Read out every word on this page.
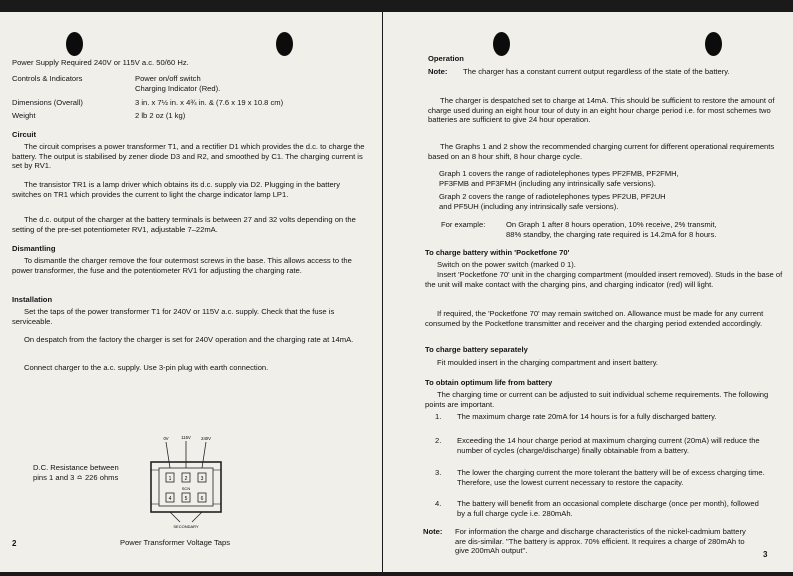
Power Supply Required 240V or 115V a.c. 50/60 Hz.
Controls & Indicators	Power on/off switch
Charging Indicator (Red).
Dimensions (Overall)	3 in. x 7½ in. x 4¾ in. & (7.6 x 19 x 10.8 cm)
Weight	2 lb 2 oz (1 kg)
Circuit
The circuit comprises a power transformer T1, and a rectifier D1 which provides the d.c. to charge the battery. The output is stabilised by zener diode D3 and R2, and smoothed by C1. The charging current is set by RV1.
The transistor TR1 is a lamp driver which obtains its d.c. supply via D2. Plugging in the battery switches on TR1 which provides the current to light the charge indicator lamp LP1.
The d.c. output of the charger at the battery terminals is between 27 and 32 volts depending on the setting of the pre-set potentiometer RV1, adjustable 7–22mA.
Dismantling
To dismantle the charger remove the four outermost screws in the base. This allows access to the power transformer, the fuse and the potentiometer RV1 for adjusting the charging rate.
Installation
Set the taps of the power transformer T1 for 240V or 115V a.c. supply. Check that the fuse is serviceable.
On despatch from the factory the charger is set for 240V operation and the charging rate at 14mA.
Connect charger to the a.c. supply. Use 3-pin plug with earth connection.
D.C. Resistance between
pins 1 and 3 ≏ 226 ohms
0V	115V 240V
1	2	3
SCN
4	5	6
SECONDARY
Power Transformer Voltage Taps
2
Operation
Note: The charger has a constant current output regardless of the state of the battery.
The charger is despatched set to charge at 14mA. This should be sufficient to restore the amount of charge used during an eight hour tour of duty in an eight hour charge period i.e. for most schemes two batteries are sufficient to give 24 hour operation.
The Graphs 1 and 2 show the recommended charging current for different operational requirements based on an 8 hour shift, 8 hour charge cycle.
Graph 1 covers the range of radiotelephones types PF2FMB, PF2FMH,
PF3FMB and PF3FMH (including any intrinsically safe versions).
Graph 2 covers the range of radiotelephones types PF2UB, PF2UH
and PF5UH (including any intrinsically safe versions).
For example:	On Graph 1 after 8 hours operation, 10% receive, 2% transmit,
88% standby, the charging rate required is 14.2mA for 8 hours.
To charge battery within 'Pocketfone 70'
Switch on the power switch (marked 0 1).
Insert 'Pocketfone 70' unit in the charging compartment (moulded insert removed). Studs in the base of the unit will make contact with the charging pins, and charging indicator (red) will light.
If required, the 'Pocketfone 70' may remain switched on. Allowance must be made for any current consumed by the Pocketfone transmitter and receiver and the charging period extended accordingly.
To charge battery separately
Fit moulded insert in the charging compartment and insert battery.
To obtain optimum life from battery
The charging time or current can be adjusted to suit individual scheme requirements. The following points are important.
1. The maximum charge rate 20mA for 14 hours is for a fully discharged battery.
2. Exceeding the 14 hour charge period at maximum charging current (20mA) will reduce the number of cycles (charge/discharge) finally obtainable from a battery.
3. The lower the charging current the more tolerant the battery will be of excess charging time. Therefore, use the lowest current necessary to restore the capacity.
4. The battery will benefit from an occasional complete discharge (once per month), followed by a full charge cycle i.e. 280mAh.
Note: For information the charge and discharge characteristics of the nickel-cadmium battery are dis-similar. "The battery is approx. 70% efficient. It requires a charge of 280mAh to give 200mAh output".	3
